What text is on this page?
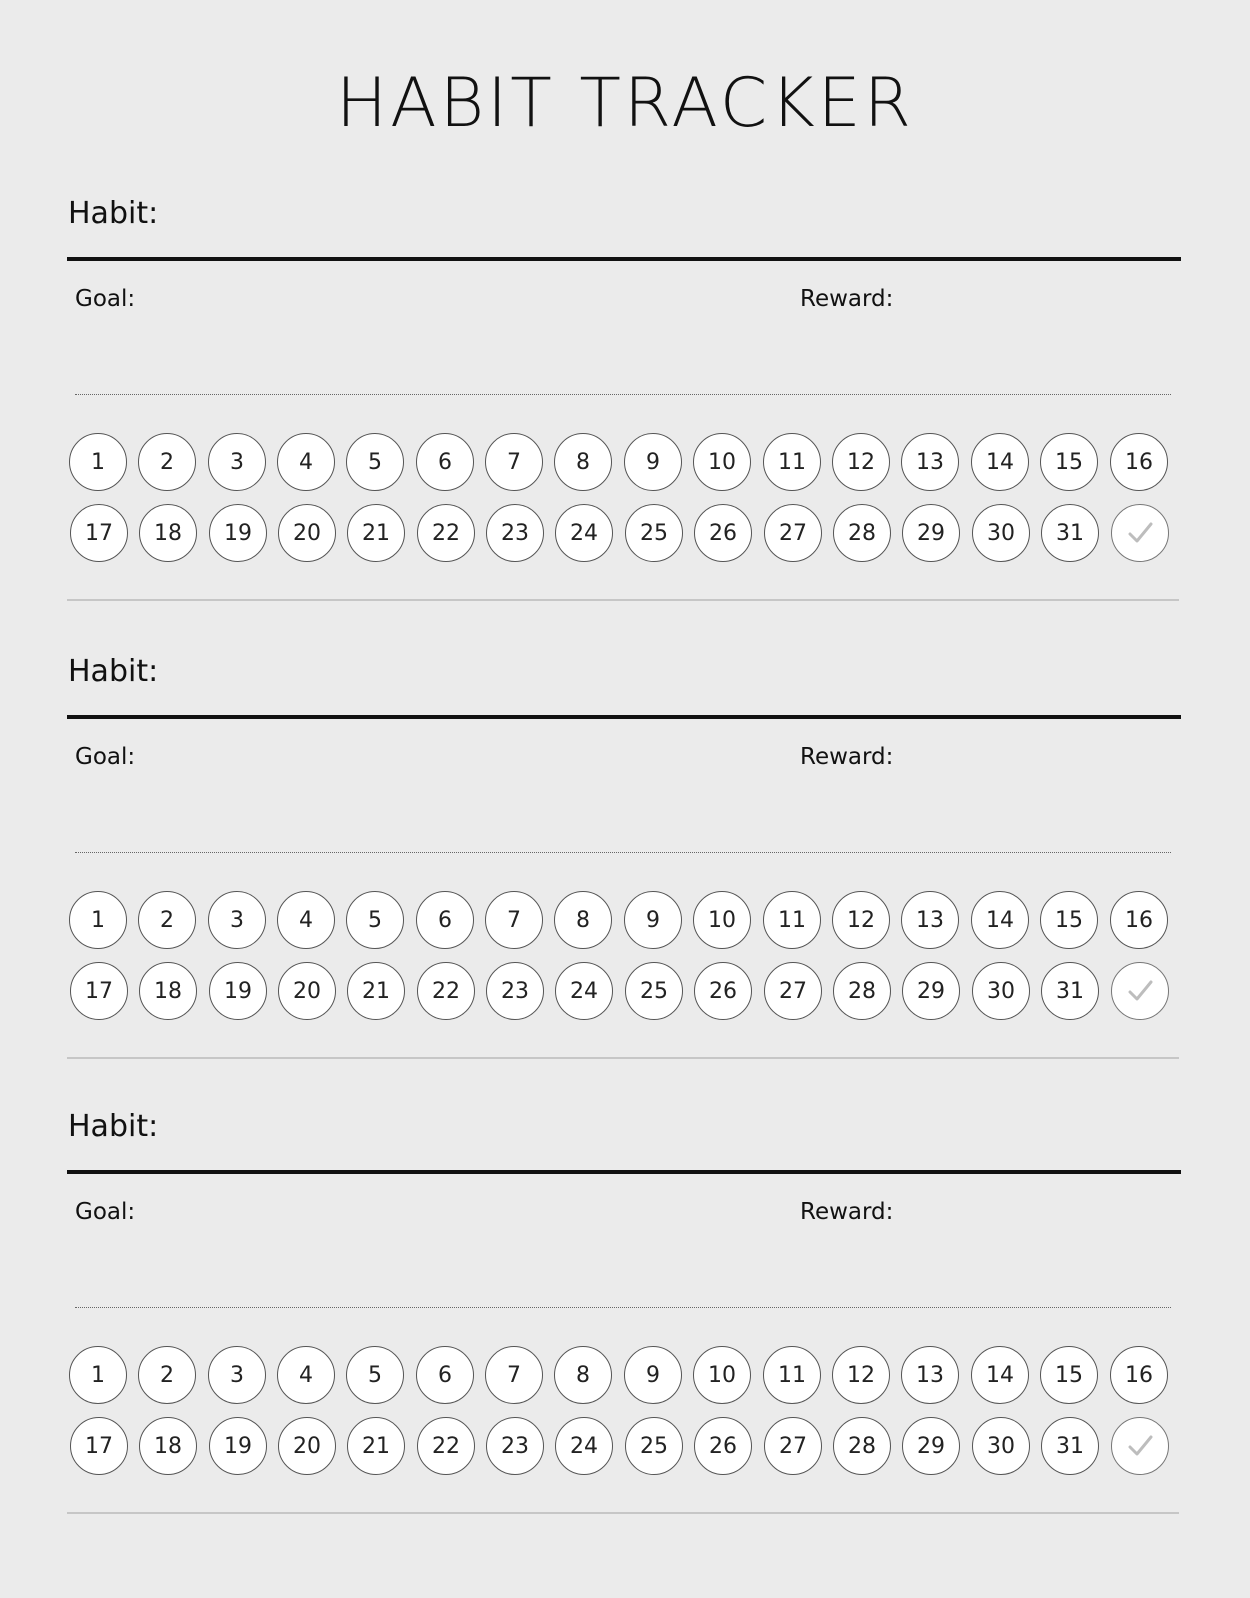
HABIT TRACKER
Habit:
Goal:	Reward:
1	2	3	4	5	6	7	8	9	10	11	12	13	14	15	16
17	18	19	20	21	22	23	24	25	26	27	28	29	30	31
Habit:
Goal:	Reward:
1	2	3	4	5	6	7	8	9	10	11	12	13	14	15	16
17	18	19	20	21	22	23	24	25	26	27	28	29	30	31
Habit:
Goal:	Reward:
1	2	3	4	5	6	7	8	9	10	11	12	13	14	15	16
17	18	19	20	21	22	23	24	25	26	27	28	29	30	31
